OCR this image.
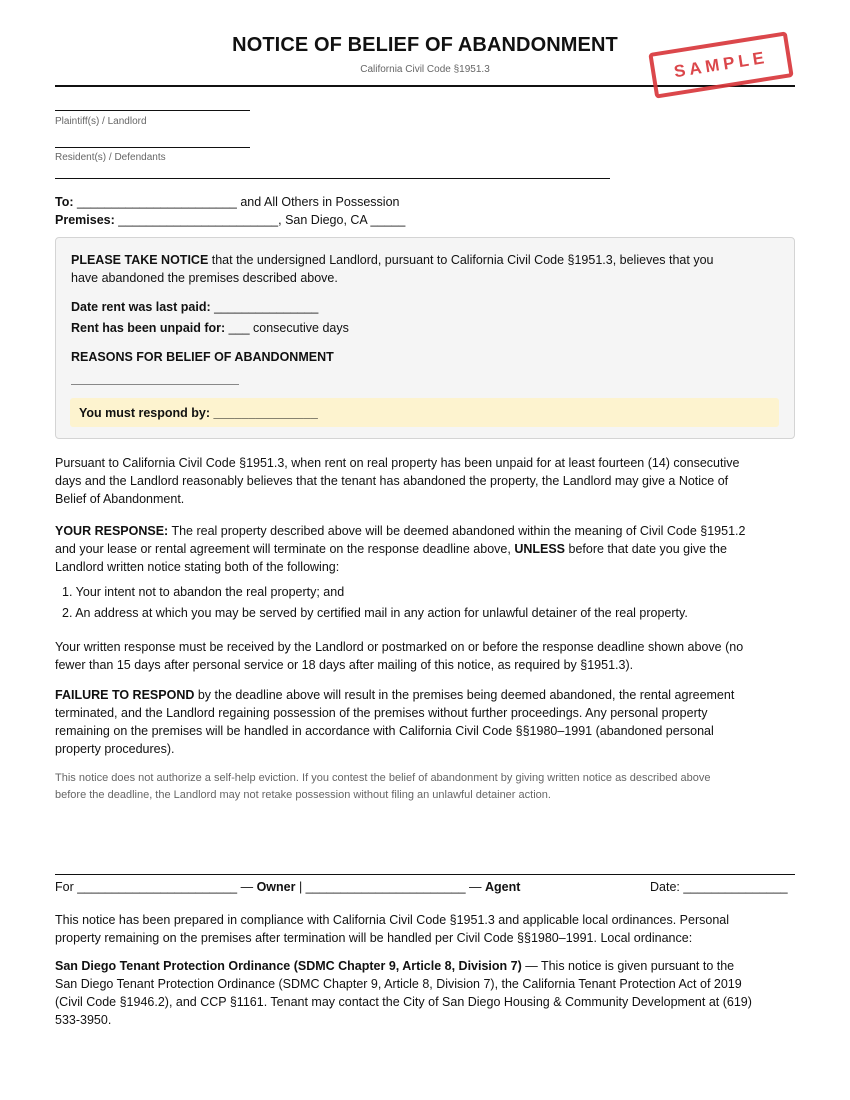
NOTICE OF BELIEF OF ABANDONMENT
California Civil Code §1951.3	SAMPLE
Plaintiff(s) / Landlord
Resident(s) / Defendants
To: _______________________ and All Others in Possession
Premises: _______________________, San Diego, CA _____
PLEASE TAKE NOTICE that the undersigned Landlord, pursuant to California Civil Code §1951.3, believes that you
have abandoned the premises described above.
Date rent was last paid: _______________
Rent has been unpaid for: ___ consecutive days
REASONS FOR BELIEF OF ABANDONMENT
You must respond by: _______________
Pursuant to California Civil Code §1951.3, when rent on real property has been unpaid for at least fourteen (14) consecutive
days and the Landlord reasonably believes that the tenant has abandoned the property, the Landlord may give a Notice of
Belief of Abandonment.
YOUR RESPONSE: The real property described above will be deemed abandoned within the meaning of Civil Code §1951.2
and your lease or rental agreement will terminate on the response deadline above, UNLESS before that date you give the
Landlord written notice stating both of the following:
1. Your intent not to abandon the real property; and
2. An address at which you may be served by certified mail in any action for unlawful detainer of the real property.
Your written response must be received by the Landlord or postmarked on or before the response deadline shown above (no
fewer than 15 days after personal service or 18 days after mailing of this notice, as required by §1951.3).
FAILURE TO RESPOND by the deadline above will result in the premises being deemed abandoned, the rental agreement
terminated, and the Landlord regaining possession of the premises without further proceedings. Any personal property
remaining on the premises will be handled in accordance with California Civil Code §§1980–1991 (abandoned personal
property procedures).
This notice does not authorize a self-help eviction. If you contest the belief of abandonment by giving written notice as described above
before the deadline, the Landlord may not retake possession without filing an unlawful detainer action.
For _______________________ — Owner | _______________________ — Agent	Date: _______________
This notice has been prepared in compliance with California Civil Code §1951.3 and applicable local ordinances. Personal
property remaining on the premises after termination will be handled per Civil Code §§1980–1991. Local ordinance:
San Diego Tenant Protection Ordinance (SDMC Chapter 9, Article 8, Division 7) — This notice is given pursuant to the
San Diego Tenant Protection Ordinance (SDMC Chapter 9, Article 8, Division 7), the California Tenant Protection Act of 2019
(Civil Code §1946.2), and CCP §1161. Tenant may contact the City of San Diego Housing & Community Development at (619)
533-3950.
